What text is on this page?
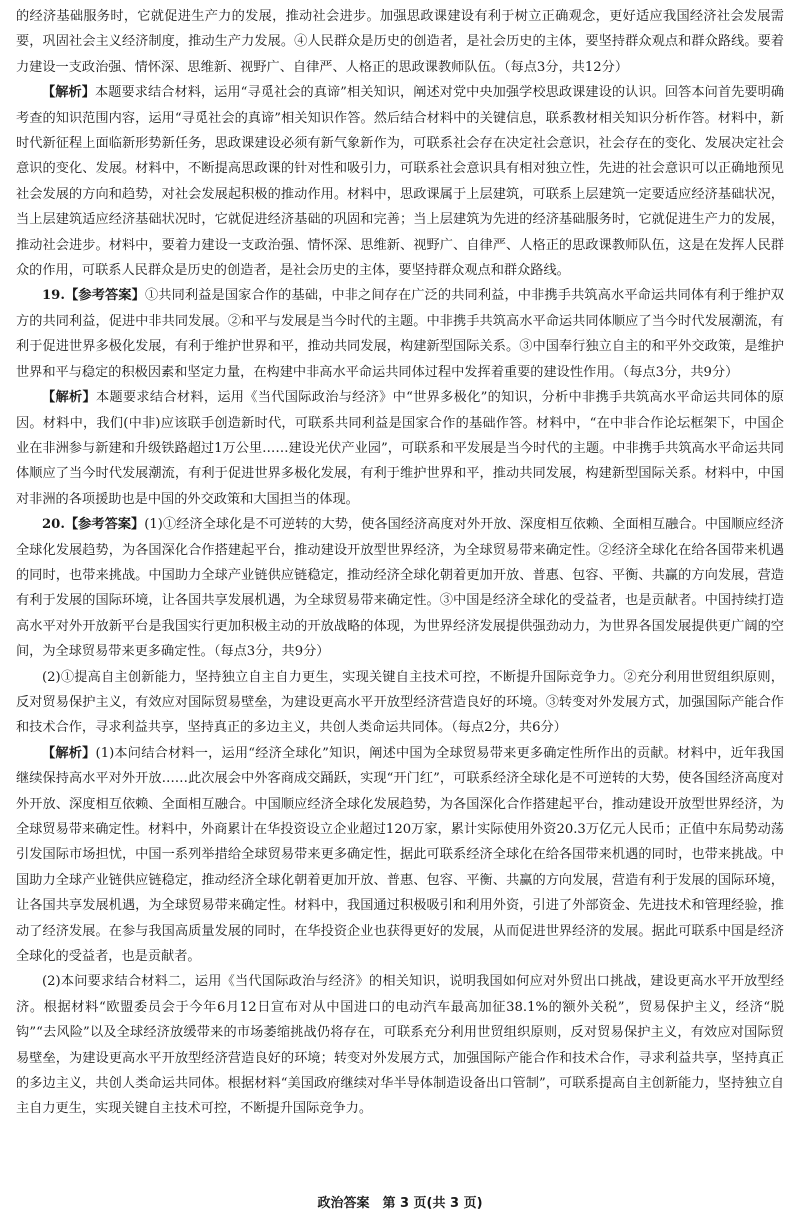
的经济基础服务时，它就促进生产力的发展，推动社会进步。加强思政课建设有利于树立正确观念，更好适应我国经济社会发展需要，巩固社会主义经济制度，推动生产力发展。④人民群众是历史的创造者，是社会历史的主体，要坚持群众观点和群众路线。要着力建设一支政治强、情怀深、思维新、视野广、自律严、人格正的思政课教师队伍。（每点3分，共12分）

【解析】本题要求结合材料，运用“寻觅社会的真谛”相关知识，阐述对党中央加强学校思政课建设的认识。回答本问首先要明确考查的知识范围内容，运用“寻觅社会的真谛”相关知识作答。然后结合材料中的关键信息，联系教材相关知识分析作答。材料中，新时代新征程上面临新形势新任务，思政课建设必须有新气象新作为，可联系社会存在决定社会意识，社会存在的变化、发展决定社会意识的变化、发展。材料中，不断提高思政课的针对性和吸引力，可联系社会意识具有相对独立性，先进的社会意识可以正确地预见社会发展的方向和趋势，对社会发展起积极的推动作用。材料中，思政课属于上层建筑，可联系上层建筑一定要适应经济基础状况，当上层建筑适应经济基础状况时，它就促进经济基础的巩固和完善；当上层建筑为先进的经济基础服务时，它就促进生产力的发展，推动社会进步。材料中，要着力建设一支政治强、情怀深、思维新、视野广、自律严、人格正的思政课教师队伍，这是在发挥人民群众的作用，可联系人民群众是历史的创造者，是社会历史的主体，要坚持群众观点和群众路线。

19.【参考答案】①共同利益是国家合作的基础，中非之间存在广泛的共同利益，中非携手共筑高水平命运共同体有利于维护双方的共同利益，促进中非共同发展。②和平与发展是当今时代的主题。中非携手共筑高水平命运共同体顺应了当今时代发展潮流，有利于促进世界多极化发展，有利于维护世界和平，推动共同发展，构建新型国际关系。③中国奉行独立自主的和平外交政策，是维护世界和平与稳定的积极因素和坚定力量，在构建中非高水平命运共同体过程中发挥着重要的建设性作用。（每点3分，共9分）

【解析】本题要求结合材料，运用《当代国际政治与经济》中“世界多极化”的知识，分析中非携手共筑高水平命运共同体的原因。材料中，我们(中非)应该联手创造新时代，可联系共同利益是国家合作的基础作答。材料中，“在中非合作论坛框架下，中国企业在非洲参与新建和升级铁路超过1万公里……建设光伏产业园”，可联系和平发展是当今时代的主题。中非携手共筑高水平命运共同体顺应了当今时代发展潮流，有利于促进世界多极化发展，有利于维护世界和平，推动共同发展，构建新型国际关系。材料中，中国对非洲的各项援助也是中国的外交政策和大国担当的体现。

20.【参考答案】(1)①经济全球化是不可逆转的大势，使各国经济高度对外开放、深度相互依赖、全面相互融合。中国顺应经济全球化发展趋势，为各国深化合作搭建起平台，推动建设开放型世界经济，为全球贸易带来确定性。②经济全球化在给各国带来机遇的同时，也带来挑战。中国助力全球产业链供应链稳定，推动经济全球化朝着更加开放、普惠、包容、平衡、共赢的方向发展，营造有利于发展的国际环境，让各国共享发展机遇，为全球贸易带来确定性。③中国是经济全球化的受益者，也是贡献者。中国持续打造高水平对外开放新平台是我国实行更加积极主动的开放战略的体现，为世界经济发展提供强劲动力，为世界各国发展提供更广阔的空间，为全球贸易带来更多确定性。（每点3分，共9分）

(2)①提高自主创新能力，坚持独立自主自力更生，实现关键自主技术可控，不断提升国际竞争力。②充分利用世贸组织原则，反对贸易保护主义，有效应对国际贸易壁垒，为建设更高水平开放型经济营造良好的环境。③转变对外发展方式，加强国际产能合作和技术合作，寻求利益共享，坚持真正的多边主义，共创人类命运共同体。（每点2分，共6分）

【解析】(1)本问结合材料一，运用“经济全球化”知识，阐述中国为全球贸易带来更多确定性所作出的贡献。材料中，近年我国继续保持高水平对外开放……此次展会中外客商成交踊跃，实现“开门红”，可联系经济全球化是不可逆转的大势，使各国经济高度对外开放、深度相互依赖、全面相互融合。中国顺应经济全球化发展趋势，为各国深化合作搭建起平台，推动建设开放型世界经济，为全球贸易带来确定性。材料中，外商累计在华投资设立企业超过120万家，累计实际使用外资20.3万亿元人民币；正值中东局势动荡引发国际市场担忧，中国一系列举措给全球贸易带来更多确定性，据此可联系经济全球化在给各国带来机遇的同时，也带来挑战。中国助力全球产业链供应链稳定，推动经济全球化朝着更加开放、普惠、包容、平衡、共赢的方向发展，营造有利于发展的国际环境，让各国共享发展机遇，为全球贸易带来确定性。材料中，我国通过积极吸引和利用外资，引进了外部资金、先进技术和管理经验，推动了经济发展。在参与我国高质量发展的同时，在华投资企业也获得更好的发展，从而促进世界经济的发展。据此可联系中国是经济全球化的受益者，也是贡献者。

(2)本问要求结合材料二，运用《当代国际政治与经济》的相关知识，说明我国如何应对外贸出口挑战，建设更高水平开放型经济。根据材料“欧盟委员会于今年6月12日宣布对从中国进口的电动汽车最高加征38.1%的额外关税”，贸易保护主义，经济“脱钩”“去风险”以及全球经济放缓带来的市场萎缩挑战仍将存在，可联系充分利用世贸组织原则，反对贸易保护主义，有效应对国际贸易壁垒，为建设更高水平开放型经济营造良好的环境；转变对外发展方式，加强国际产能合作和技术合作，寻求利益共享，坚持真正的多边主义，共创人类命运共同体。根据材料“美国政府继续对华半导体制造设备出口管制”，可联系提高自主创新能力，坚持独立自主自力更生，实现关键自主技术可控，不断提升国际竞争力。

政治答案　第 3 页(共 3 页)
